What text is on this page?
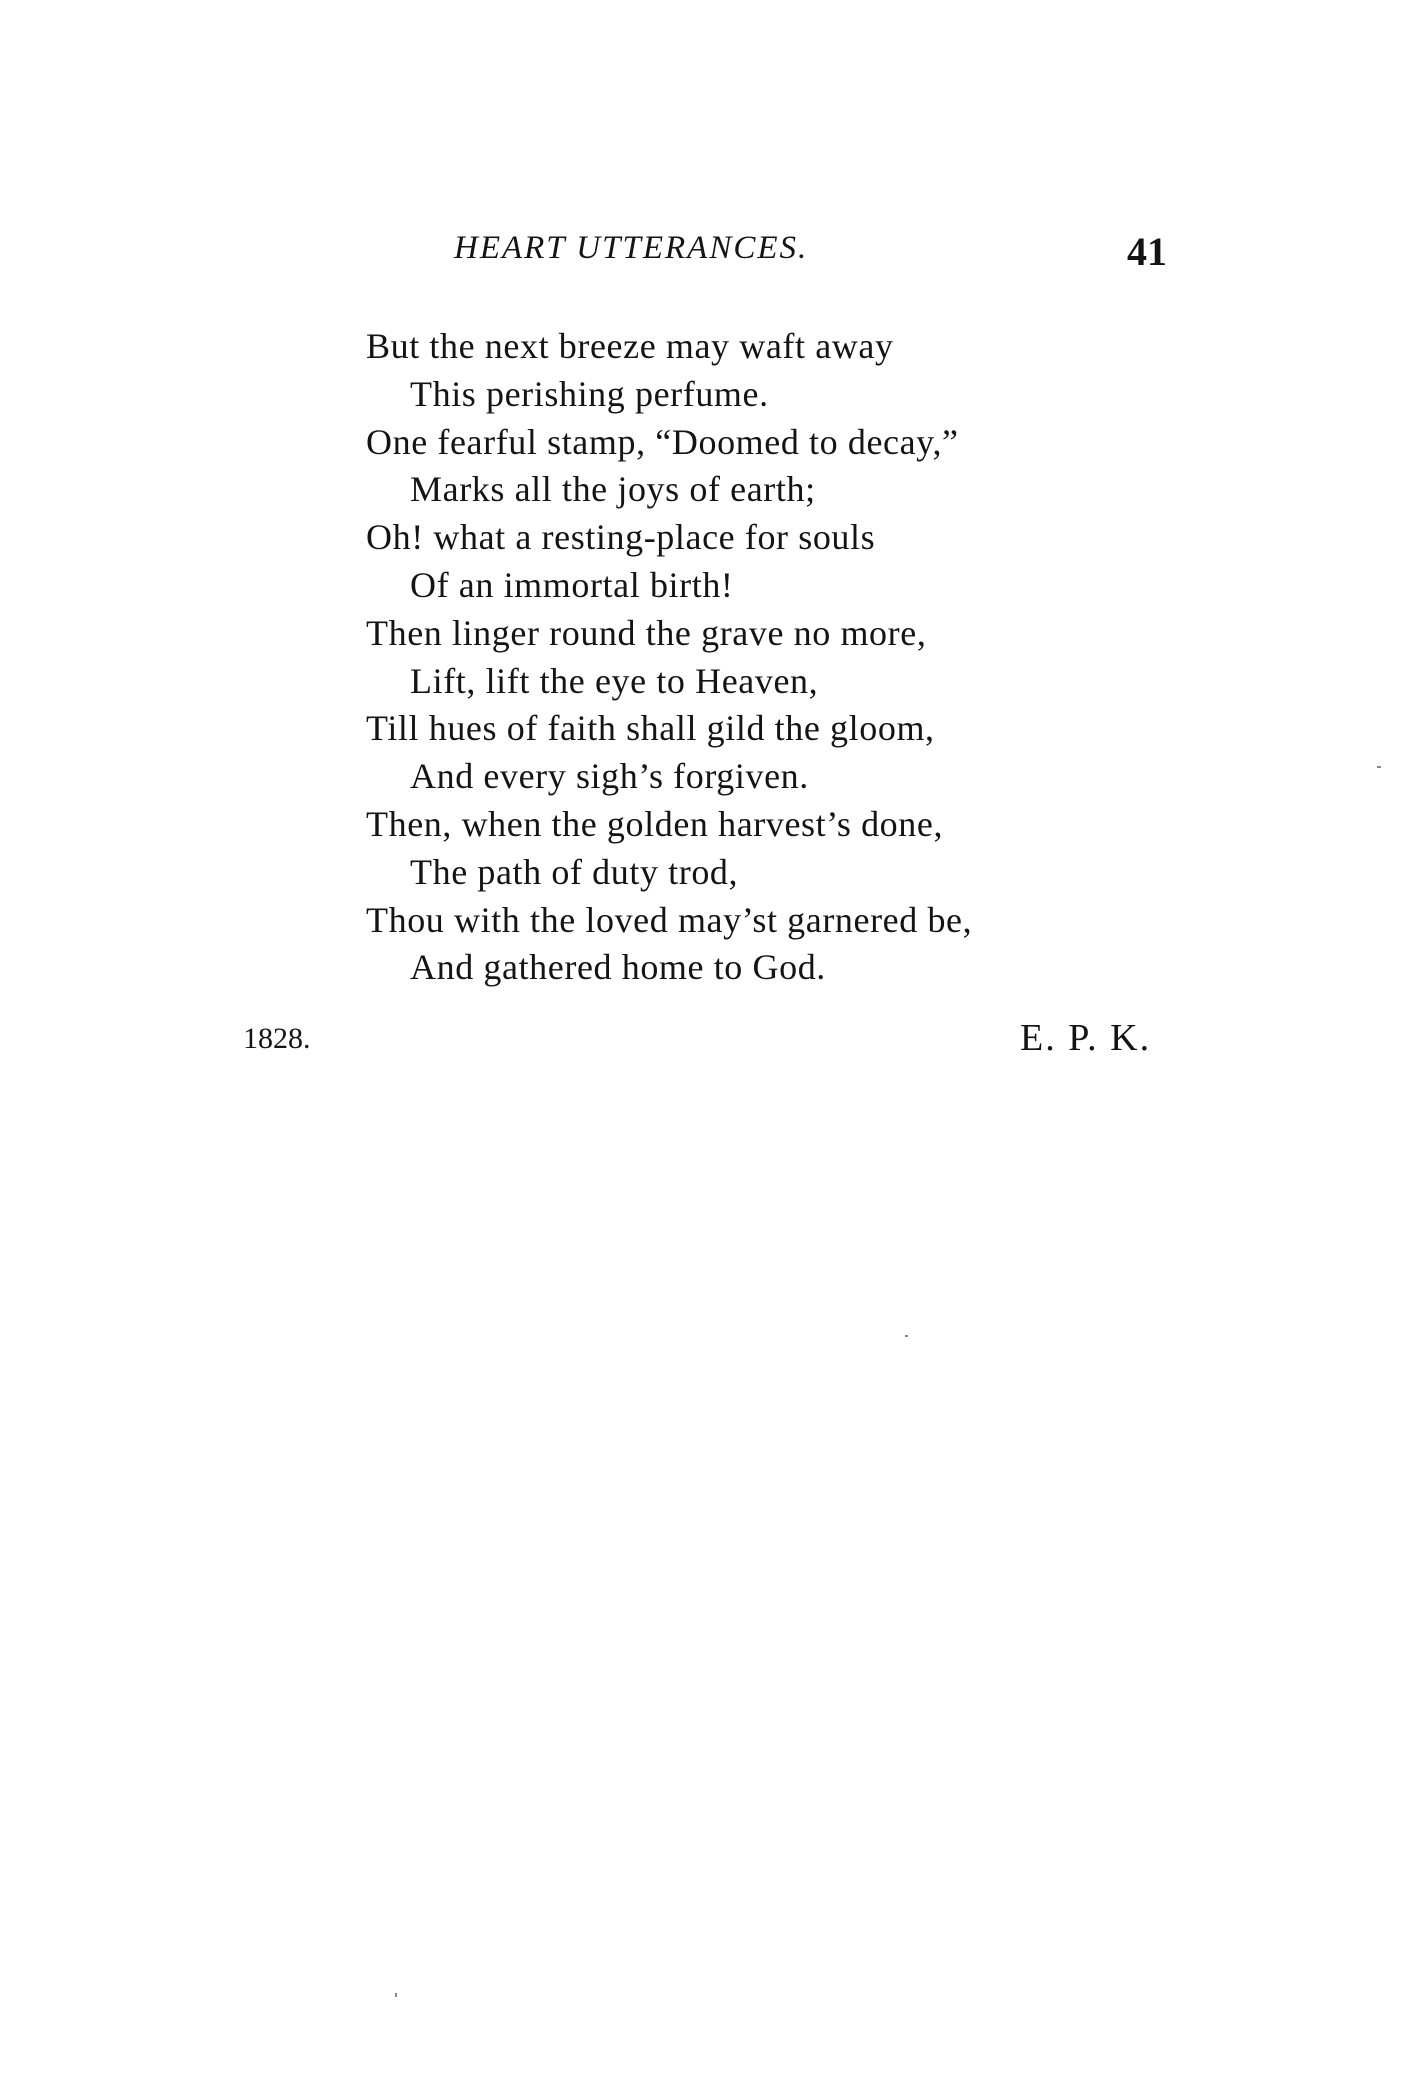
HEART UTTERANCES.	41
But the next breeze may waft away
This perishing perfume.
One fearful stamp, “Doomed to decay,”
Marks all the joys of earth;
Oh! what a resting-place for souls
Of an immortal birth!
Then linger round the grave no more,
Lift, lift the eye to Heaven,
Till hues of faith shall gild the gloom,
And every sigh’s forgiven.
Then, when the golden harvest’s done,
The path of duty trod,
Thou with the loved may’st garnered be,
And gathered home to God.
1828.	E. P. K.
